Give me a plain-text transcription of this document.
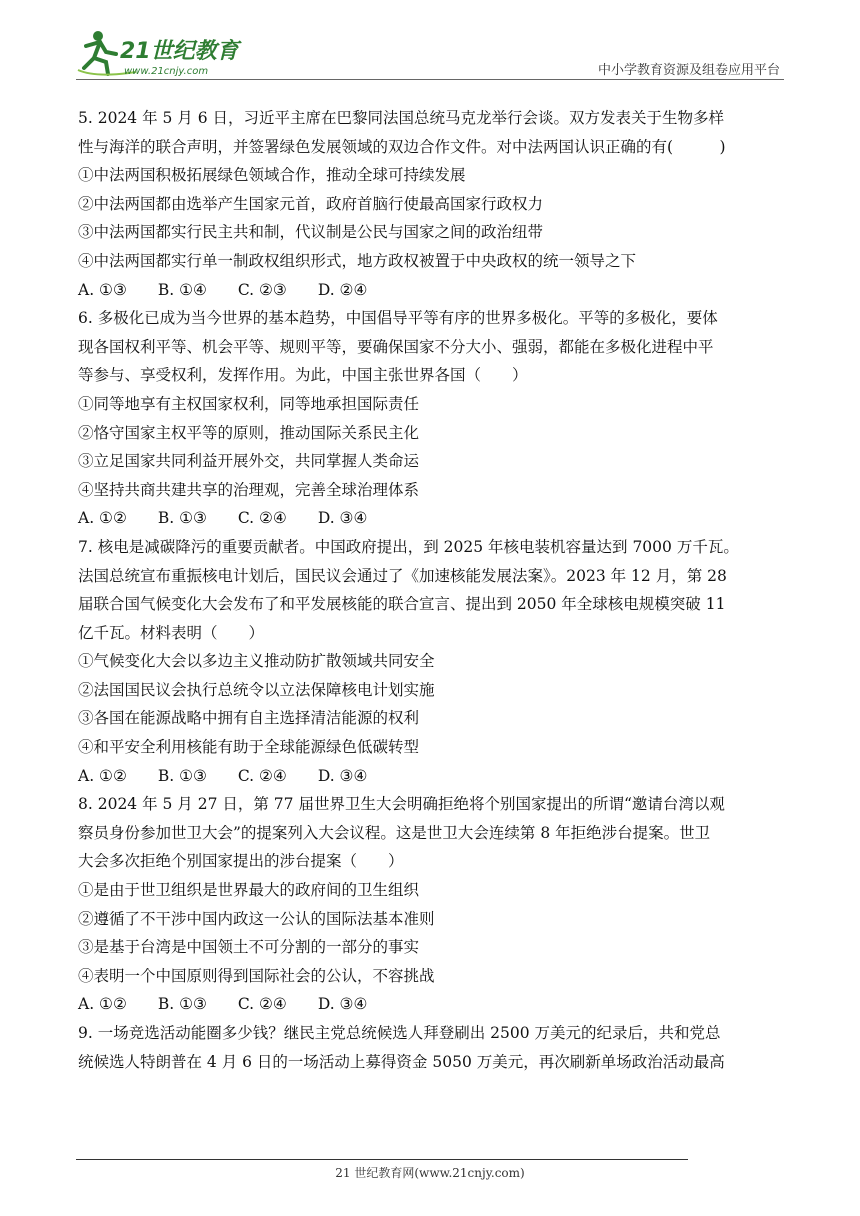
21世纪教育
www.21cnjy.com	中小学教育资源及组卷应用平台
5. 2024 年 5 月 6 日，习近平主席在巴黎同法国总统马克龙举行会谈。双方发表关于生物多样
性与海洋的联合声明，并签署绿色发展领域的双边合作文件。对中法两国认识正确的有(　　　)
①中法两国积极拓展绿色领域合作，推动全球可持续发展
②中法两国都由选举产生国家元首，政府首脑行使最高国家行政权力
③中法两国都实行民主共和制，代议制是公民与国家之间的政治纽带
④中法两国都实行单一制政权组织形式，地方政权被置于中央政权的统一领导之下
A. ①③　　B. ①④　　C. ②③　　D. ②④
6. 多极化已成为当今世界的基本趋势，中国倡导平等有序的世界多极化。平等的多极化，要体
现各国权利平等、机会平等、规则平等，要确保国家不分大小、强弱，都能在多极化进程中平
等参与、享受权利，发挥作用。为此，中国主张世界各国（　　）
①同等地享有主权国家权利，同等地承担国际责任
②恪守国家主权平等的原则，推动国际关系民主化
③立足国家共同利益开展外交，共同掌握人类命运
④坚持共商共建共享的治理观，完善全球治理体系
A. ①②　　B. ①③　　C. ②④　　D. ③④
7. 核电是减碳降污的重要贡献者。中国政府提出，到 2025 年核电装机容量达到 7000 万千瓦。
法国总统宣布重振核电计划后，国民议会通过了《加速核能发展法案》。2023 年 12 月，第 28
届联合国气候变化大会发布了和平发展核能的联合宣言、提出到 2050 年全球核电规模突破 11
亿千瓦。材料表明（　　）
①气候变化大会以多边主义推动防扩散领域共同安全
②法国国民议会执行总统令以立法保障核电计划实施
③各国在能源战略中拥有自主选择清洁能源的权利
④和平安全利用核能有助于全球能源绿色低碳转型
A. ①②　　B. ①③　　C. ②④　　D. ③④
8. 2024 年 5 月 27 日，第 77 届世界卫生大会明确拒绝将个别国家提出的所谓“邀请台湾以观
察员身份参加世卫大会”的提案列入大会议程。这是世卫大会连续第 8 年拒绝涉台提案。世卫
大会多次拒绝个别国家提出的涉台提案（　　）
①是由于世卫组织是世界最大的政府间的卫生组织
②遵循了不干涉中国内政这一公认的国际法基本准则
③是基于台湾是中国领土不可分割的一部分的事实
④表明一个中国原则得到国际社会的公认，不容挑战
A. ①②　　B. ①③　　C. ②④　　D. ③④
9. 一场竞选活动能圈多少钱？继民主党总统候选人拜登刷出 2500 万美元的纪录后，共和党总
统候选人特朗普在 4 月 6 日的一场活动上募得资金 5050 万美元，再次刷新单场政治活动最高
21 世纪教育网(www.21cnjy.com)
